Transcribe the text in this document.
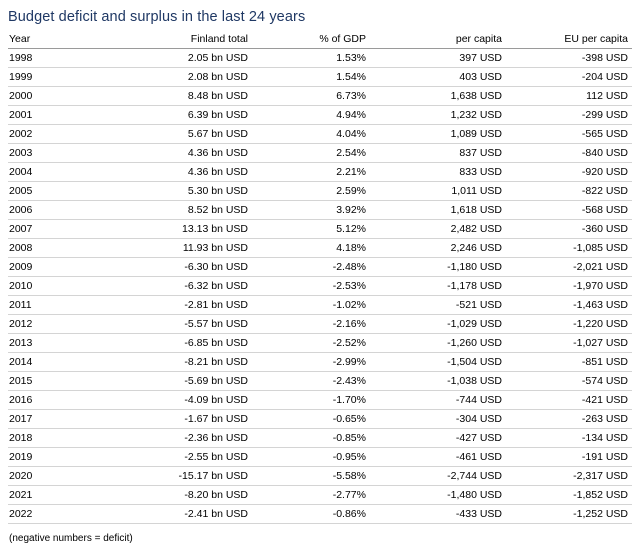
Budget deficit and surplus in the last 24 years
Year	Finland total	% of GDP	per capita	EU per capita
1998	2.05 bn USD	1.53%	397 USD	-398 USD
1999	2.08 bn USD	1.54%	403 USD	-204 USD
2000	8.48 bn USD	6.73%	1,638 USD	112 USD
2001	6.39 bn USD	4.94%	1,232 USD	-299 USD
2002	5.67 bn USD	4.04%	1,089 USD	-565 USD
2003	4.36 bn USD	2.54%	837 USD	-840 USD
2004	4.36 bn USD	2.21%	833 USD	-920 USD
2005	5.30 bn USD	2.59%	1,011 USD	-822 USD
2006	8.52 bn USD	3.92%	1,618 USD	-568 USD
2007	13.13 bn USD	5.12%	2,482 USD	-360 USD
2008	11.93 bn USD	4.18%	2,246 USD	-1,085 USD
2009	-6.30 bn USD	-2.48%	-1,180 USD	-2,021 USD
2010	-6.32 bn USD	-2.53%	-1,178 USD	-1,970 USD
2011	-2.81 bn USD	-1.02%	-521 USD	-1,463 USD
2012	-5.57 bn USD	-2.16%	-1,029 USD	-1,220 USD
2013	-6.85 bn USD	-2.52%	-1,260 USD	-1,027 USD
2014	-8.21 bn USD	-2.99%	-1,504 USD	-851 USD
2015	-5.69 bn USD	-2.43%	-1,038 USD	-574 USD
2016	-4.09 bn USD	-1.70%	-744 USD	-421 USD
2017	-1.67 bn USD	-0.65%	-304 USD	-263 USD
2018	-2.36 bn USD	-0.85%	-427 USD	-134 USD
2019	-2.55 bn USD	-0.95%	-461 USD	-191 USD
2020	-15.17 bn USD	-5.58%	-2,744 USD	-2,317 USD
2021	-8.20 bn USD	-2.77%	-1,480 USD	-1,852 USD
2022	-2.41 bn USD	-0.86%	-433 USD	-1,252 USD
(negative numbers = deficit)
